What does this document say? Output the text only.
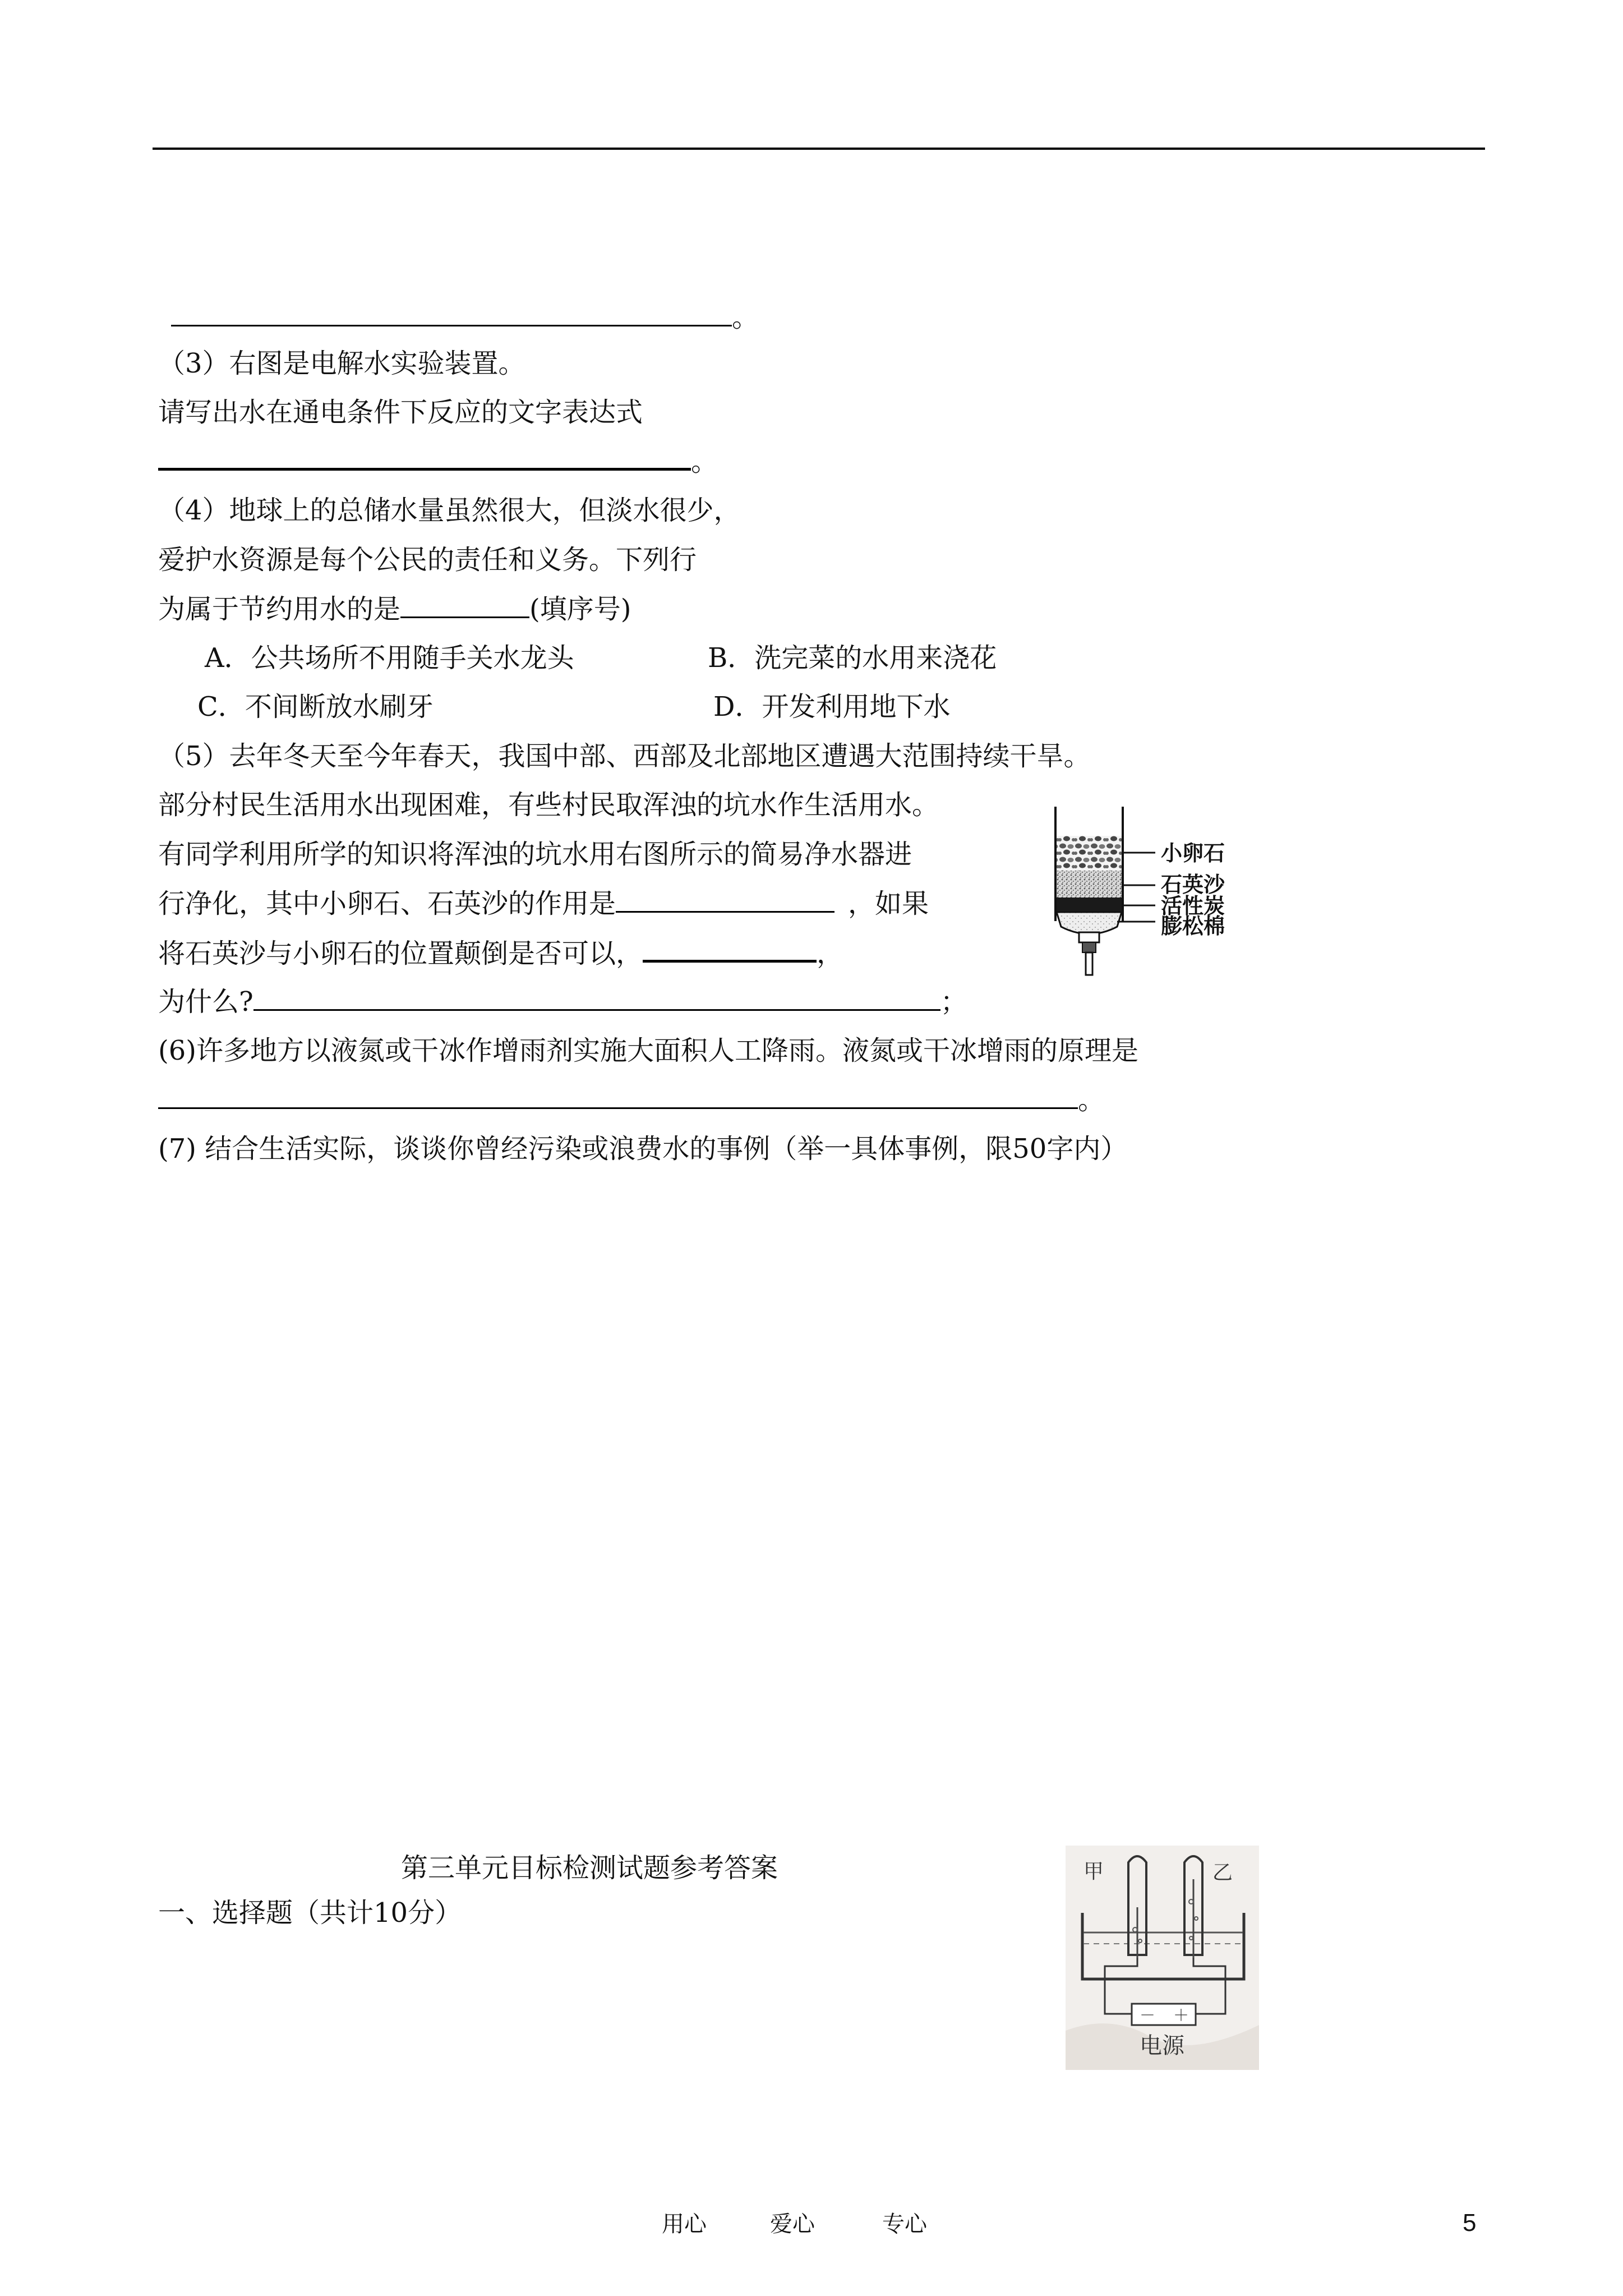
。
（3）右图是电解水实验装置。
请写出水在通电条件下反应的文字表达式
。
（4）地球上的总储水量虽然很大，但淡水很少，
爱护水资源是每个公民的责任和义务。下列行
为属于节约用水的是	(填序号)
A．公共场所不用随手关水龙头	B．洗完菜的水用来浇花
C．不间断放水刷牙	D．开发利用地下水
（5）去年冬天至今年春天，我国中部、西部及北部地区遭遇大范围持续干旱。
部分村民生活用水出现困难，有些村民取浑浊的坑水作生活用水。
有同学利用所学的知识将浑浊的坑水用右图所示的简易净水器进
行净化，其中小卵石、石英沙的作用是	，如果
将石英沙与小卵石的位置颠倒是否可以，	，
为什么?	；
小卵石
石英沙
活性炭
膨松棉
(6)许多地方以液氮或干冰作增雨剂实施大面积人工降雨。液氮或干冰增雨的原理是
。
(7) 结合生活实际，谈谈你曾经污染或浪费水的事例（举一具体事例，限50字内）
第三单元目标检测试题参考答案
一、选择题（共计10分）
甲	乙
－ ＋
电源
用心	爱心	专心	5
